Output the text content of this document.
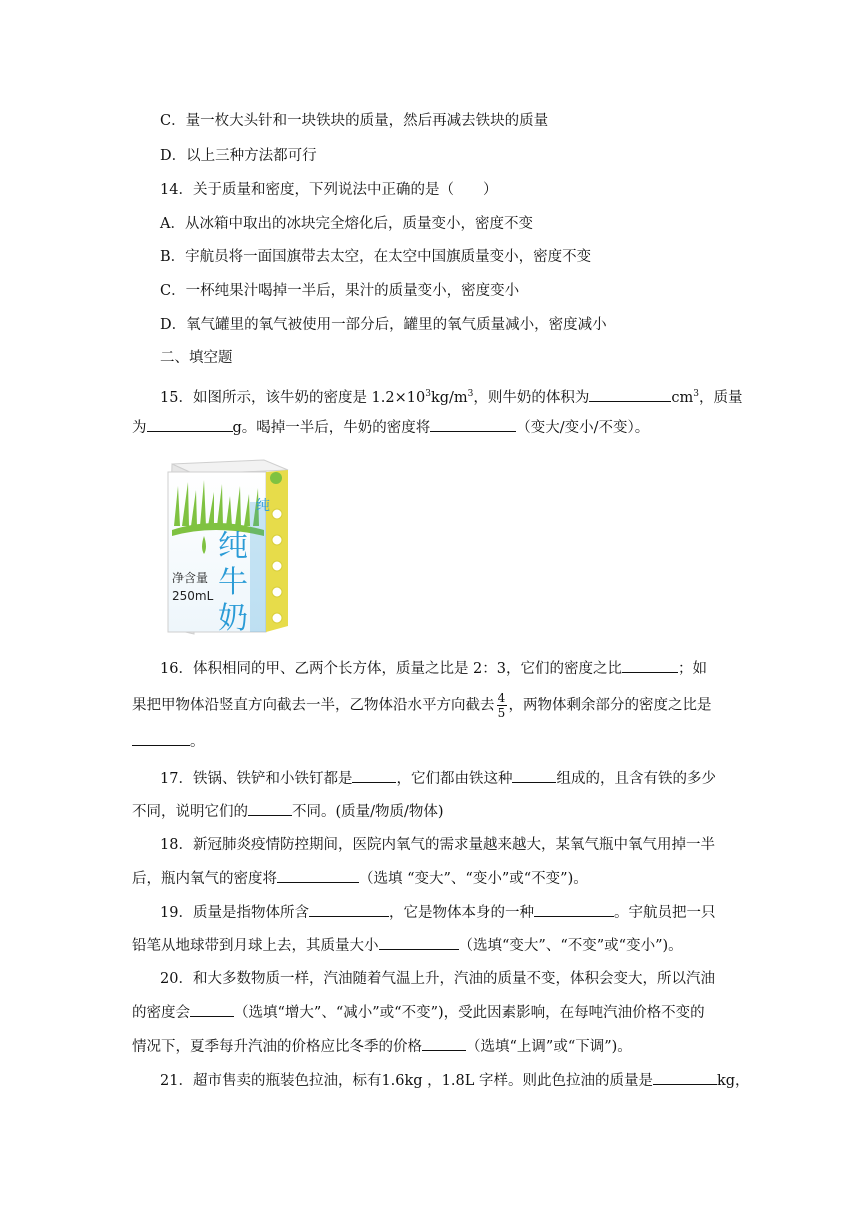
C．量一枚大头针和一块铁块的质量，然后再减去铁块的质量
D．以上三种方法都可行
14．关于质量和密度，下列说法中正确的是（　　）
A．从冰箱中取出的冰块完全熔化后，质量变小，密度不变
B．宇航员将一面国旗带去太空，在太空中国旗质量变小，密度不变
C．一杯纯果汁喝掉一半后，果汁的质量变小，密度变小
D．氧气罐里的氧气被使用一部分后，罐里的氧气质量减小，密度减小
二、填空题
15．如图所示，该牛奶的密度是 $1.2\times 10^3kg/m^3$，则牛奶的体积为	$cm^3$，质量
为	g。喝掉一半后，牛奶的密度将	（变大/变小/不变）。
纯
纯
牛
奶
净含量
250mL
16．体积相同的甲、乙两个长方体，质量之比是 2：3，它们的密度之比	；如
果把甲物体沿竖直方向截去一半，乙物体沿水平方向截去 $\frac{4}{5}$ ，两物体剩余部分的密度之比是
。
17．铁锅、铁铲和小铁钉都是	，它们都由铁这种	组成的，且含有铁的多少
不同，说明它们的	不同。(质量/物质/物体)
18．新冠肺炎疫情防控期间，医院内氧气的需求量越来越大，某氧气瓶中氧气用掉一半
后，瓶内氧气的密度将	（选填 “变大”、“变小”或“不变”)。
19．质量是指物体所含	，它是物体本身的一种	。宇航员把一只
铅笔从地球带到月球上去，其质量大小	（选填“变大”、“不变”或“变小”)。
20．和大多数物质一样，汽油随着气温上升，汽油的质量不变，体积会变大，所以汽油
的密度会	（选填“增大”、“减小”或“不变”)，受此因素影响，在每吨汽油价格不变的
情况下，夏季每升汽油的价格应比冬季的价格	（选填“上调”或“下调”)。
21．超市售卖的瓶装色拉油，标有1.6kg ，1.8L 字样。则此色拉油的质量是	kg，
